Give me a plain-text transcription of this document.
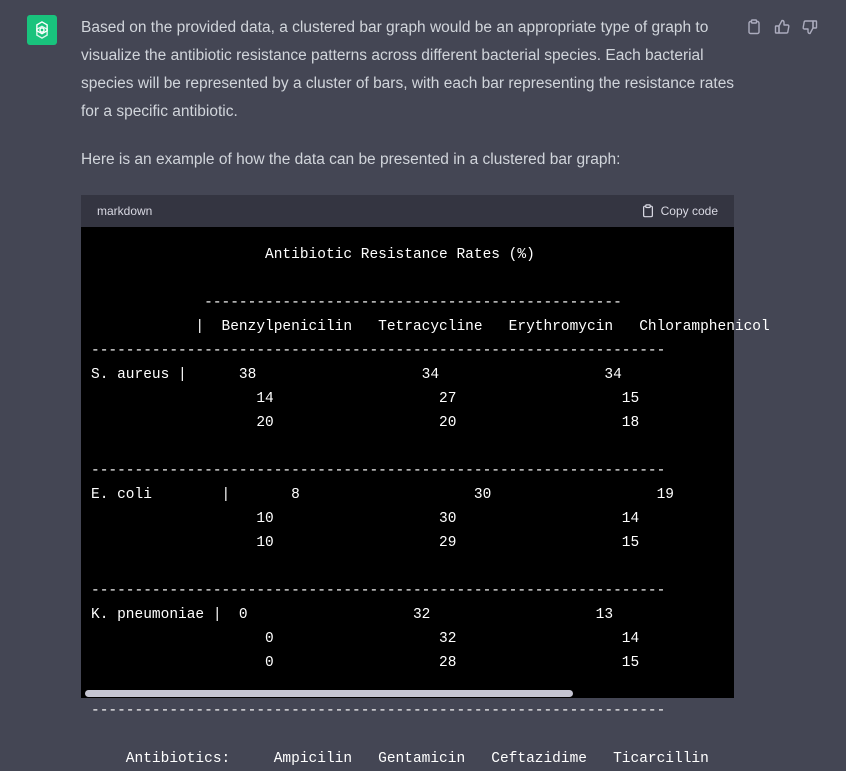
Based on the provided data, a clustered bar graph would be an appropriate type of graph to visualize the antibiotic resistance patterns across different bacterial species. Each bacterial species will be represented by a cluster of bars, with each bar representing the resistance rates for a specific antibiotic.

Here is an example of how the data can be presented in a clustered bar graph:

markdown	Copy code
Antibiotic Resistance Rates (%)
------------------------------------------------
|  Benzylpenicilin   Tetracycline   Erythromycin   Chloramphenicol
------------------------------------------------------------------
S. aureus |      38                   34                   34
14                   27                   15
20                   20                   18
------------------------------------------------------------------
E. coli        |       8                    30                   19
10                   30                   14
10                   29                   15
------------------------------------------------------------------
K. pneumoniae |  0                   32                   13
0                   32                   14
0                   28                   15
------------------------------------------------------------------
Antibiotics:     Ampicilin   Gentamicin   Ceftazidime   Ticarcillin
